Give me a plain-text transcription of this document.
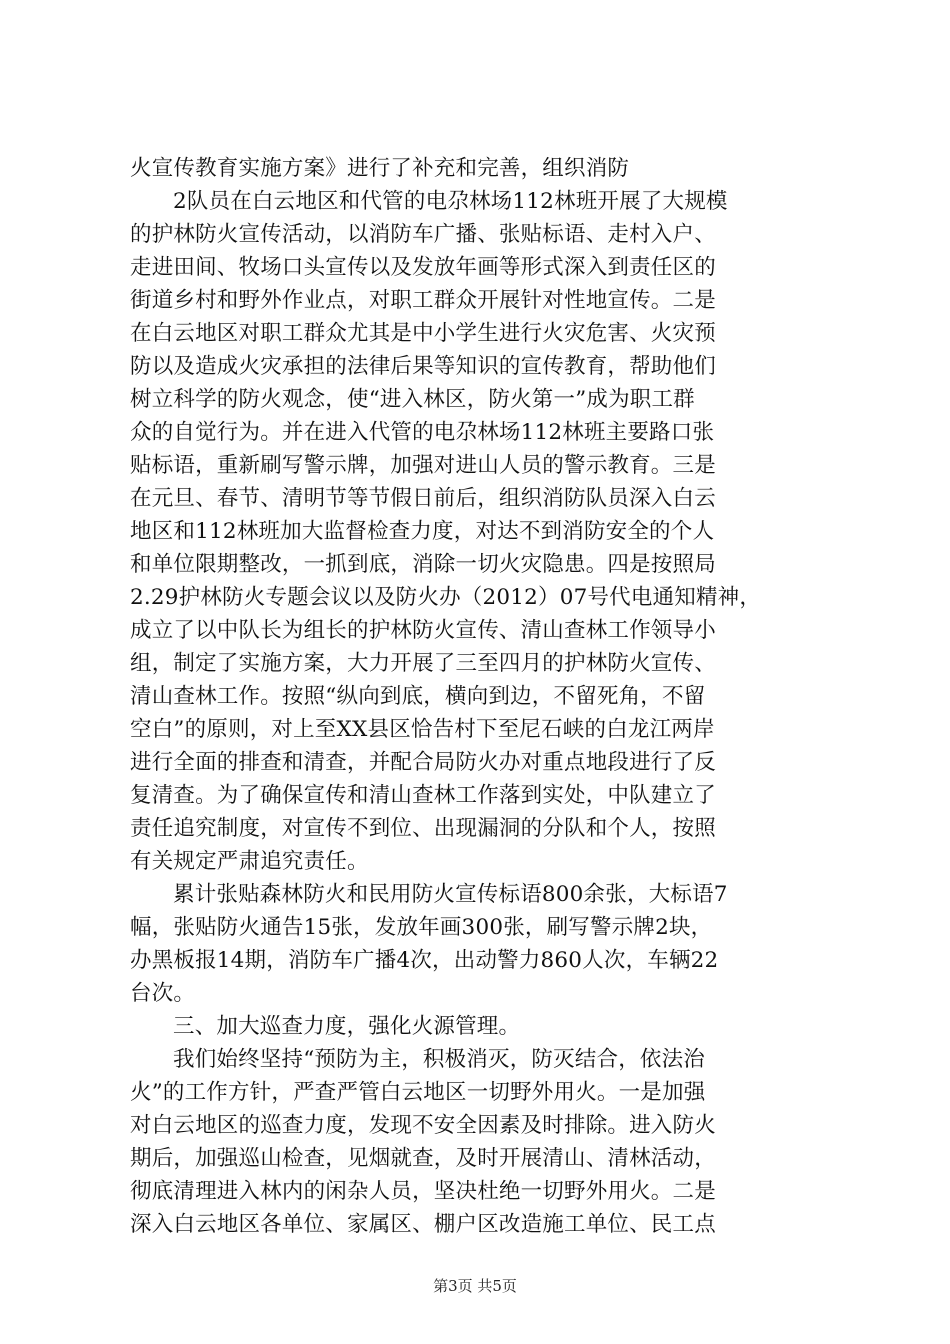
火宣传教育实施方案》进行了补充和完善，组织消防
2队员在白云地区和代管的电尕林场112林班开展了大规模
的护林防火宣传活动，以消防车广播、张贴标语、走村入户、
走进田间、牧场口头宣传以及发放年画等形式深入到责任区的
街道乡村和野外作业点，对职工群众开展针对性地宣传。二是
在白云地区对职工群众尤其是中小学生进行火灾危害、火灾预
防以及造成火灾承担的法律后果等知识的宣传教育，帮助他们
树立科学的防火观念，使“进入林区，防火第一”成为职工群
众的自觉行为。并在进入代管的电尕林场112林班主要路口张
贴标语，重新刷写警示牌，加强对进山人员的警示教育。三是
在元旦、春节、清明节等节假日前后，组织消防队员深入白云
地区和112林班加大监督检查力度，对达不到消防安全的个人
和单位限期整改，一抓到底，消除一切火灾隐患。四是按照局
2.29护林防火专题会议以及防火办（2012）07号代电通知精神，
成立了以中队长为组长的护林防火宣传、清山查林工作领导小
组，制定了实施方案，大力开展了三至四月的护林防火宣传、
清山查林工作。按照“纵向到底，横向到边，不留死角，不留
空白”的原则，对上至XX县区恰告村下至尼石峡的白龙江两岸
进行全面的排查和清查，并配合局防火办对重点地段进行了反
复清查。为了确保宣传和清山查林工作落到实处，中队建立了
责任追究制度，对宣传不到位、出现漏洞的分队和个人，按照
有关规定严肃追究责任。
累计张贴森林防火和民用防火宣传标语800余张，大标语7
幅，张贴防火通告15张，发放年画300张，刷写警示牌2块，
办黑板报14期，消防车广播4次，出动警力860人次，车辆22
台次。
三、加大巡查力度，强化火源管理。
我们始终坚持“预防为主，积极消灭，防灭结合，依法治
火”的工作方针，严查严管白云地区一切野外用火。一是加强
对白云地区的巡查力度，发现不安全因素及时排除。进入防火
期后，加强巡山检查，见烟就查，及时开展清山、清林活动，
彻底清理进入林内的闲杂人员，坚决杜绝一切野外用火。二是
深入白云地区各单位、家属区、棚户区改造施工单位、民工点
第3页 共5页
